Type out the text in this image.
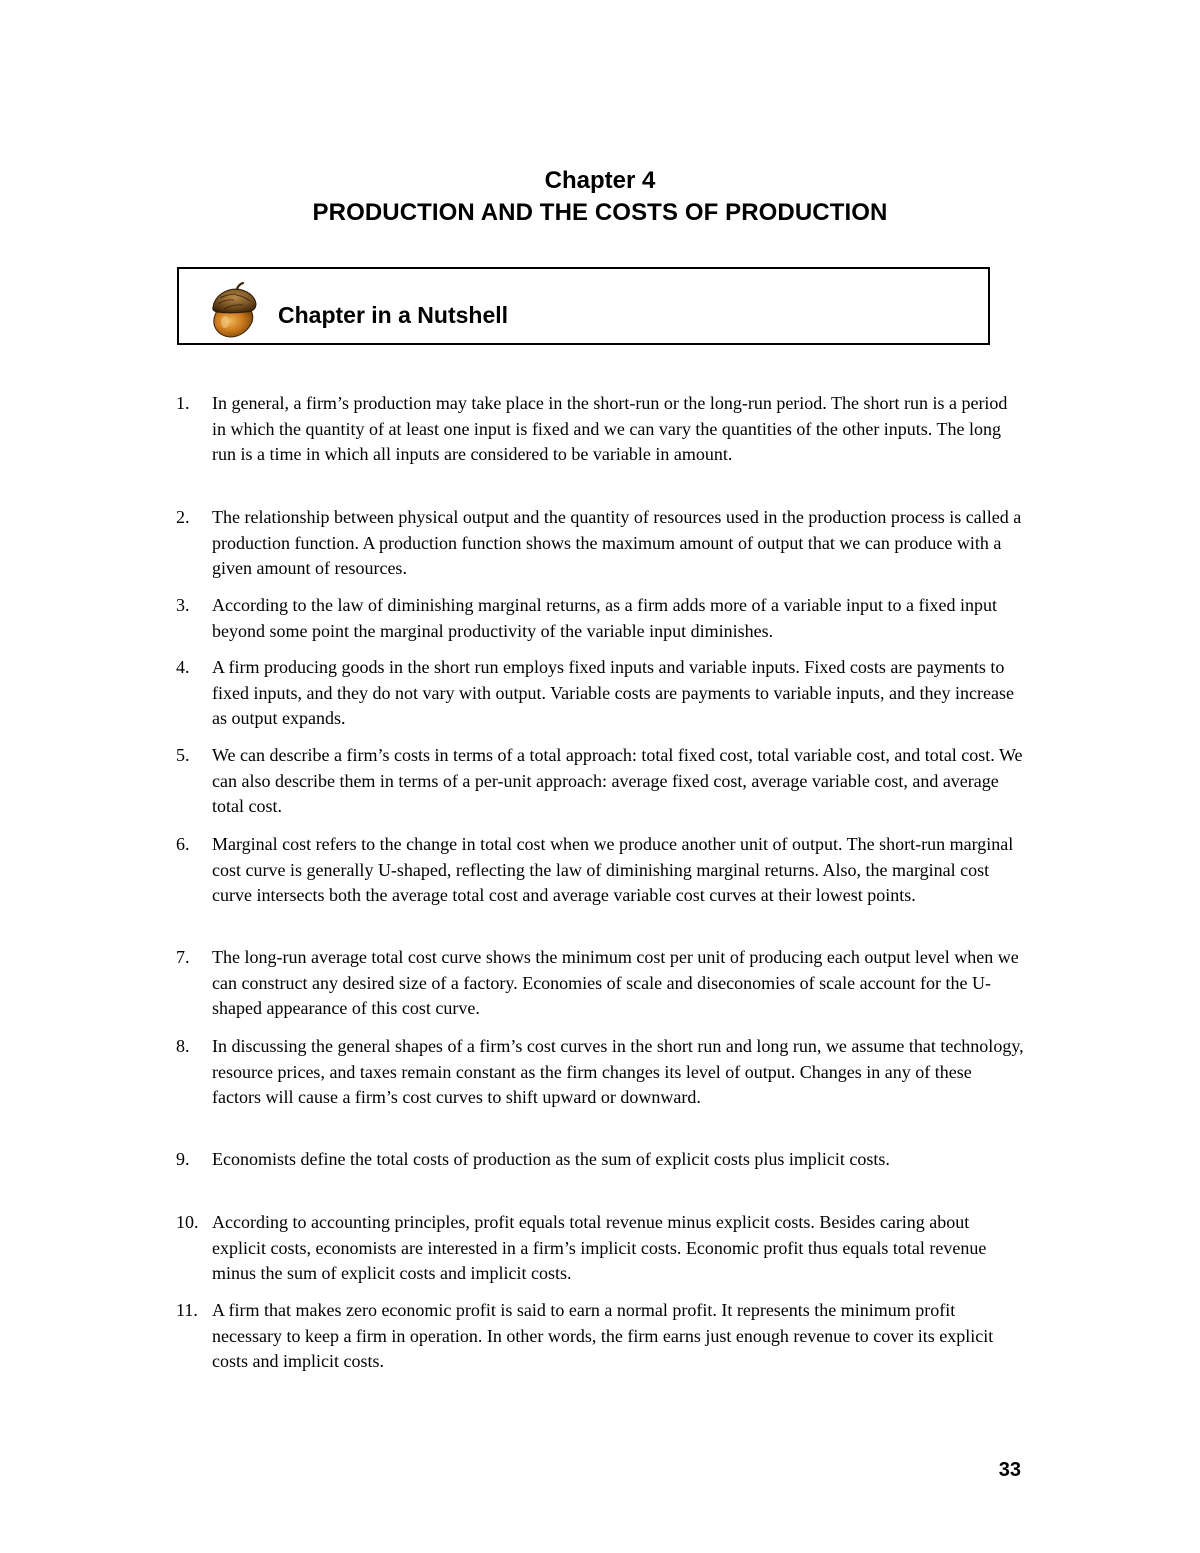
Chapter 4
PRODUCTION AND THE COSTS OF PRODUCTION
Chapter in a Nutshell
1. In general, a firm’s production may take place in the short-run or the long-run period. The short run is a period in which the quantity of at least one input is fixed and we can vary the quantities of the other inputs. The long run is a time in which all inputs are considered to be variable in amount.
2. The relationship between physical output and the quantity of resources used in the production process is called a production function. A production function shows the maximum amount of output that we can produce with a given amount of resources.
3. According to the law of diminishing marginal returns, as a firm adds more of a variable input to a fixed input beyond some point the marginal productivity of the variable input diminishes.
4. A firm producing goods in the short run employs fixed inputs and variable inputs. Fixed costs are payments to fixed inputs, and they do not vary with output. Variable costs are payments to variable inputs, and they increase as output expands.
5. We can describe a firm’s costs in terms of a total approach: total fixed cost, total variable cost, and total cost. We can also describe them in terms of a per-unit approach: average fixed cost, average variable cost, and average total cost.
6. Marginal cost refers to the change in total cost when we produce another unit of output. The short-run marginal cost curve is generally U-shaped, reflecting the law of diminishing marginal returns. Also, the marginal cost curve intersects both the average total cost and average variable cost curves at their lowest points.
7. The long-run average total cost curve shows the minimum cost per unit of producing each output level when we can construct any desired size of a factory. Economies of scale and diseconomies of scale account for the U-shaped appearance of this cost curve.
8. In discussing the general shapes of a firm’s cost curves in the short run and long run, we assume that technology, resource prices, and taxes remain constant as the firm changes its level of output. Changes in any of these factors will cause a firm’s cost curves to shift upward or downward.
9. Economists define the total costs of production as the sum of explicit costs plus implicit costs.
10. According to accounting principles, profit equals total revenue minus explicit costs. Besides caring about explicit costs, economists are interested in a firm’s implicit costs. Economic profit thus equals total revenue minus the sum of explicit costs and implicit costs.
11. A firm that makes zero economic profit is said to earn a normal profit. It represents the minimum profit necessary to keep a firm in operation. In other words, the firm earns just enough revenue to cover its explicit costs and implicit costs.
33
